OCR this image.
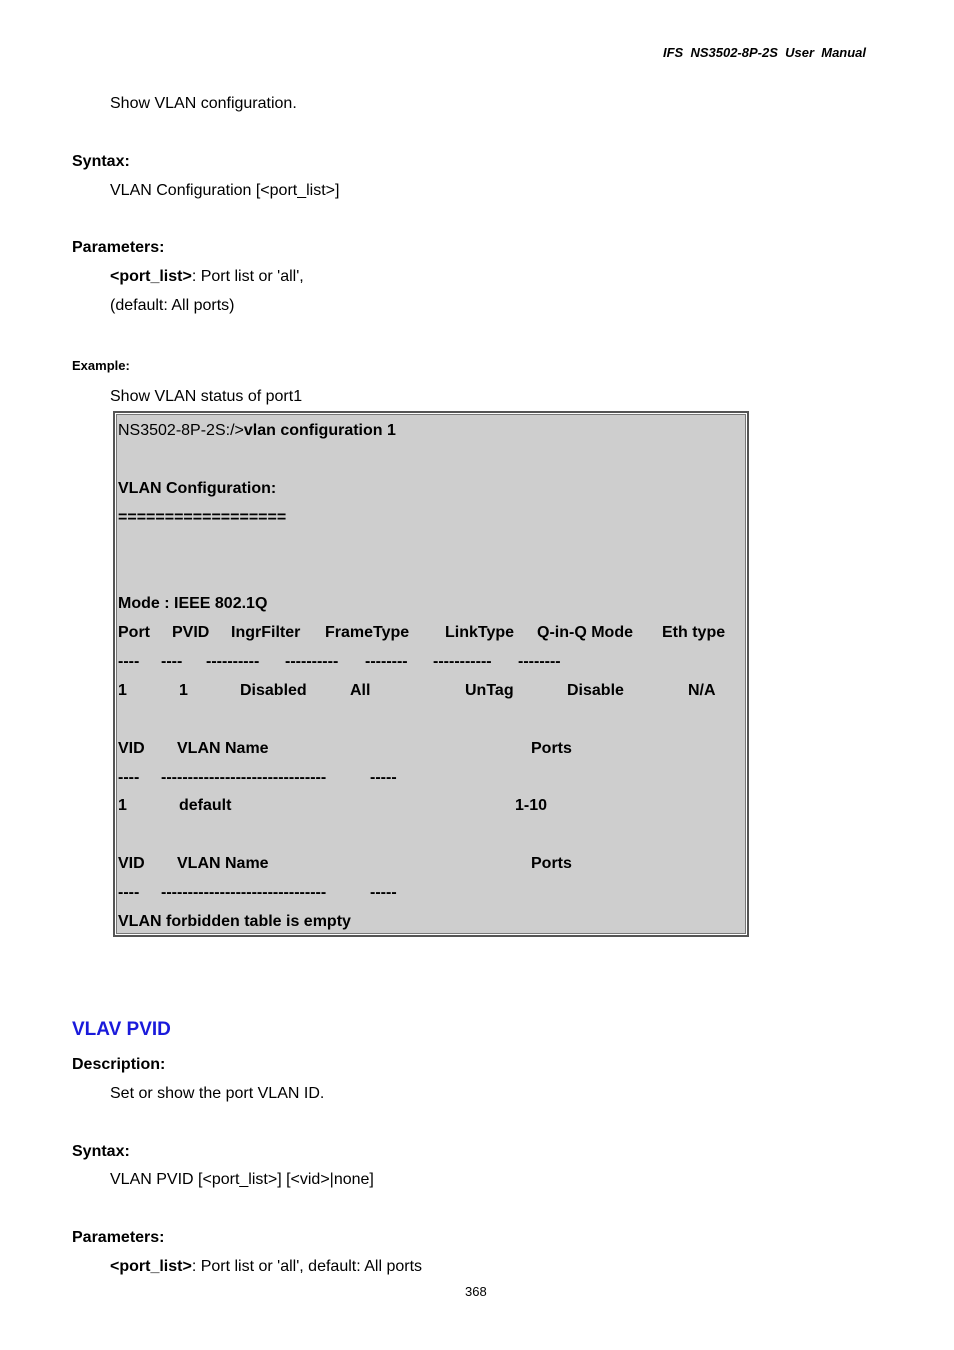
IFS  NS3502-8P-2S  User  Manual
Show VLAN configuration.
Syntax:
VLAN Configuration [<port_list>]
Parameters:
<port_list>: Port list or 'all',
(default: All ports)
Example:
Show VLAN status of port1
NS3502-8P-2S:/>vlan configuration 1
VLAN Configuration:
==================
Mode : IEEE 802.1Q
Port PVID IngrFilter FrameType LinkType Q-in-Q Mode Eth type
---- ---- ---------- ---------- -------- ----------- --------
1	1	Disabled	All	UnTag	Disable	N/A
VID VLAN Name	Ports
---- -------------------------------	-----
1	default	1-10
VID VLAN Name	Ports
---- -------------------------------	-----
VLAN forbidden table is empty
VLAV PVID
Description:
Set or show the port VLAN ID.
Syntax:
VLAN PVID [<port_list>] [<vid>|none]
Parameters:
<port_list>: Port list or 'all', default: All ports
368
